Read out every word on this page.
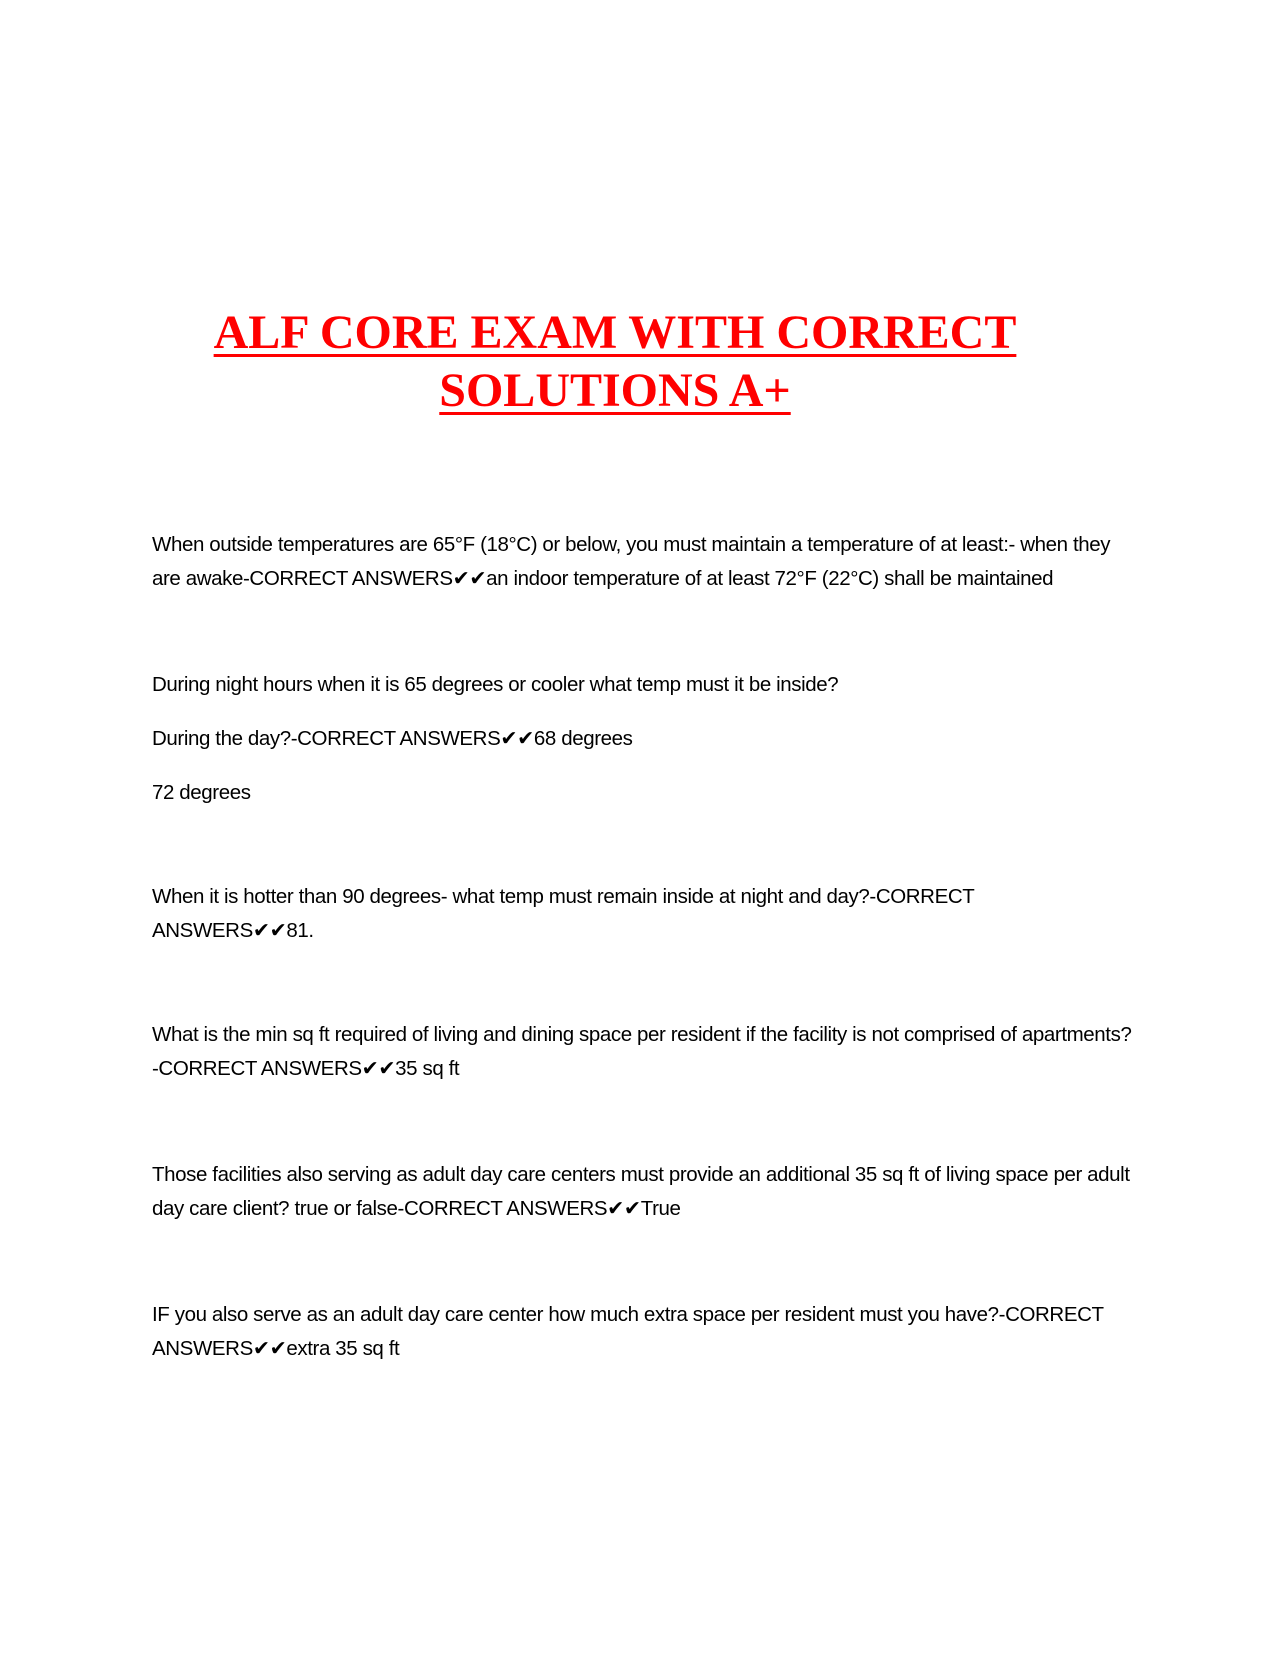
ALF CORE EXAM WITH CORRECT
SOLUTIONS A+

When outside temperatures are 65°F (18°C) or below, you must maintain a temperature of at least:- when they are awake-CORRECT ANSWERS✔✔an indoor temperature of at least 72°F (22°C) shall be maintained

During night hours when it is 65 degrees or cooler what temp must it be inside?

During the day?-CORRECT ANSWERS✔✔68 degrees

72 degrees

When it is hotter than 90 degrees- what temp must remain inside at night and day?-CORRECT ANSWERS✔✔81.

What is the min sq ft required of living and dining space per resident if the facility is not comprised of apartments?-CORRECT ANSWERS✔✔35 sq ft

Those facilities also serving as adult day care centers must provide an additional 35 sq ft of living space per adult day care client? true or false-CORRECT ANSWERS✔✔True

IF you also serve as an adult day care center how much extra space per resident must you have?-CORRECT ANSWERS✔✔extra 35 sq ft
